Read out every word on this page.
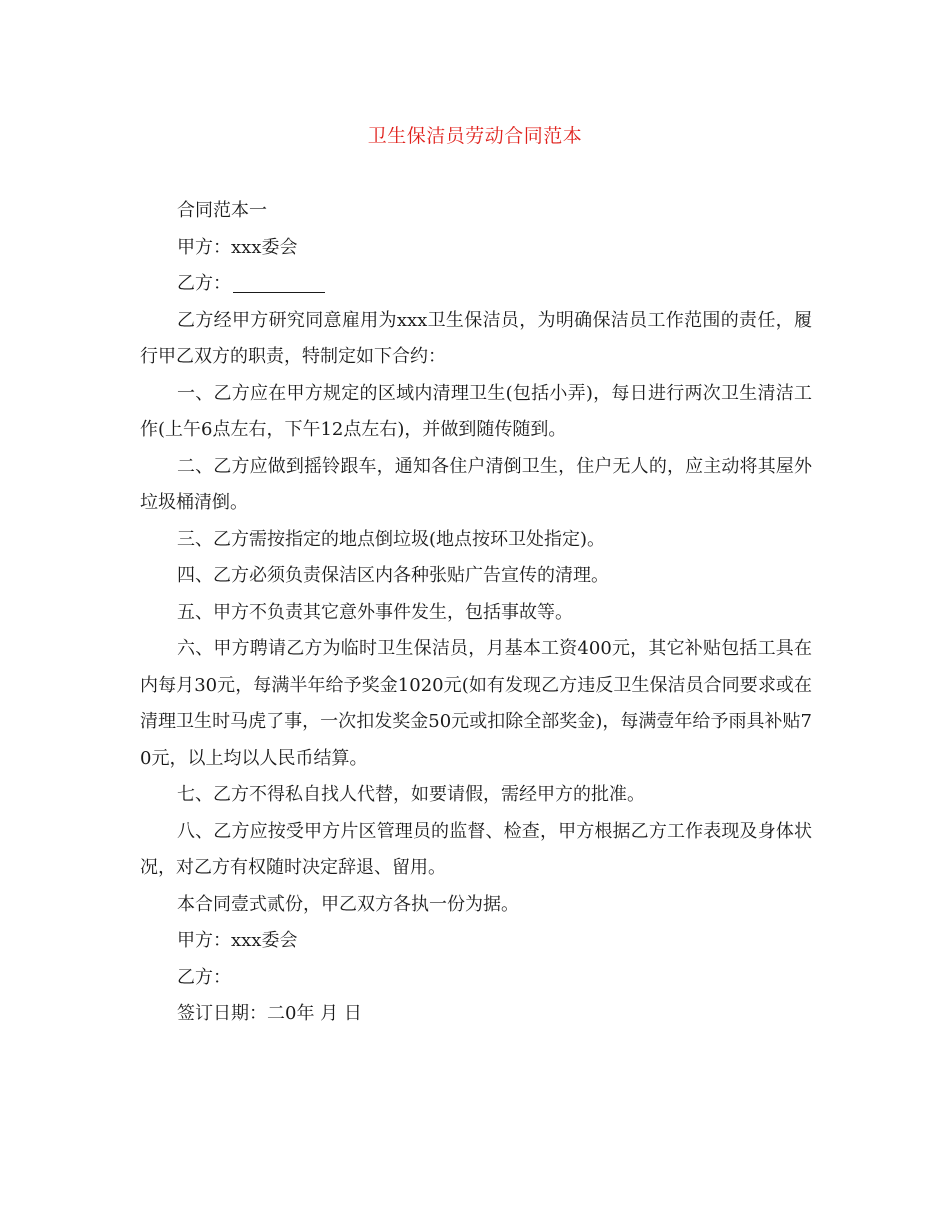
卫生保洁员劳动合同范本

合同范本一

甲方：xxx委会

乙方：

乙方经甲方研究同意雇用为xxx卫生保洁员，为明确保洁员工作范围的责任，履行甲乙双方的职责，特制定如下合约：

一、乙方应在甲方规定的区域内清理卫生(包括小弄)，每日进行两次卫生清洁工作(上午6点左右，下午12点左右)，并做到随传随到。

二、乙方应做到摇铃跟车，通知各住户清倒卫生，住户无人的，应主动将其屋外垃圾桶清倒。

三、乙方需按指定的地点倒垃圾(地点按环卫处指定)。

四、乙方必须负责保洁区内各种张贴广告宣传的清理。

五、甲方不负责其它意外事件发生，包括事故等。

六、甲方聘请乙方为临时卫生保洁员，月基本工资400元，其它补贴包括工具在内每月30元，每满半年给予奖金1020元(如有发现乙方违反卫生保洁员合同要求或在清理卫生时马虎了事，一次扣发奖金50元或扣除全部奖金)，每满壹年给予雨具补贴70元，以上均以人民币结算。

七、乙方不得私自找人代替，如要请假，需经甲方的批准。

八、乙方应按受甲方片区管理员的监督、检查，甲方根据乙方工作表现及身体状况，对乙方有权随时决定辞退、留用。

本合同壹式贰份，甲乙双方各执一份为据。

甲方：xxx委会

乙方：

签订日期：二0年 月 日
